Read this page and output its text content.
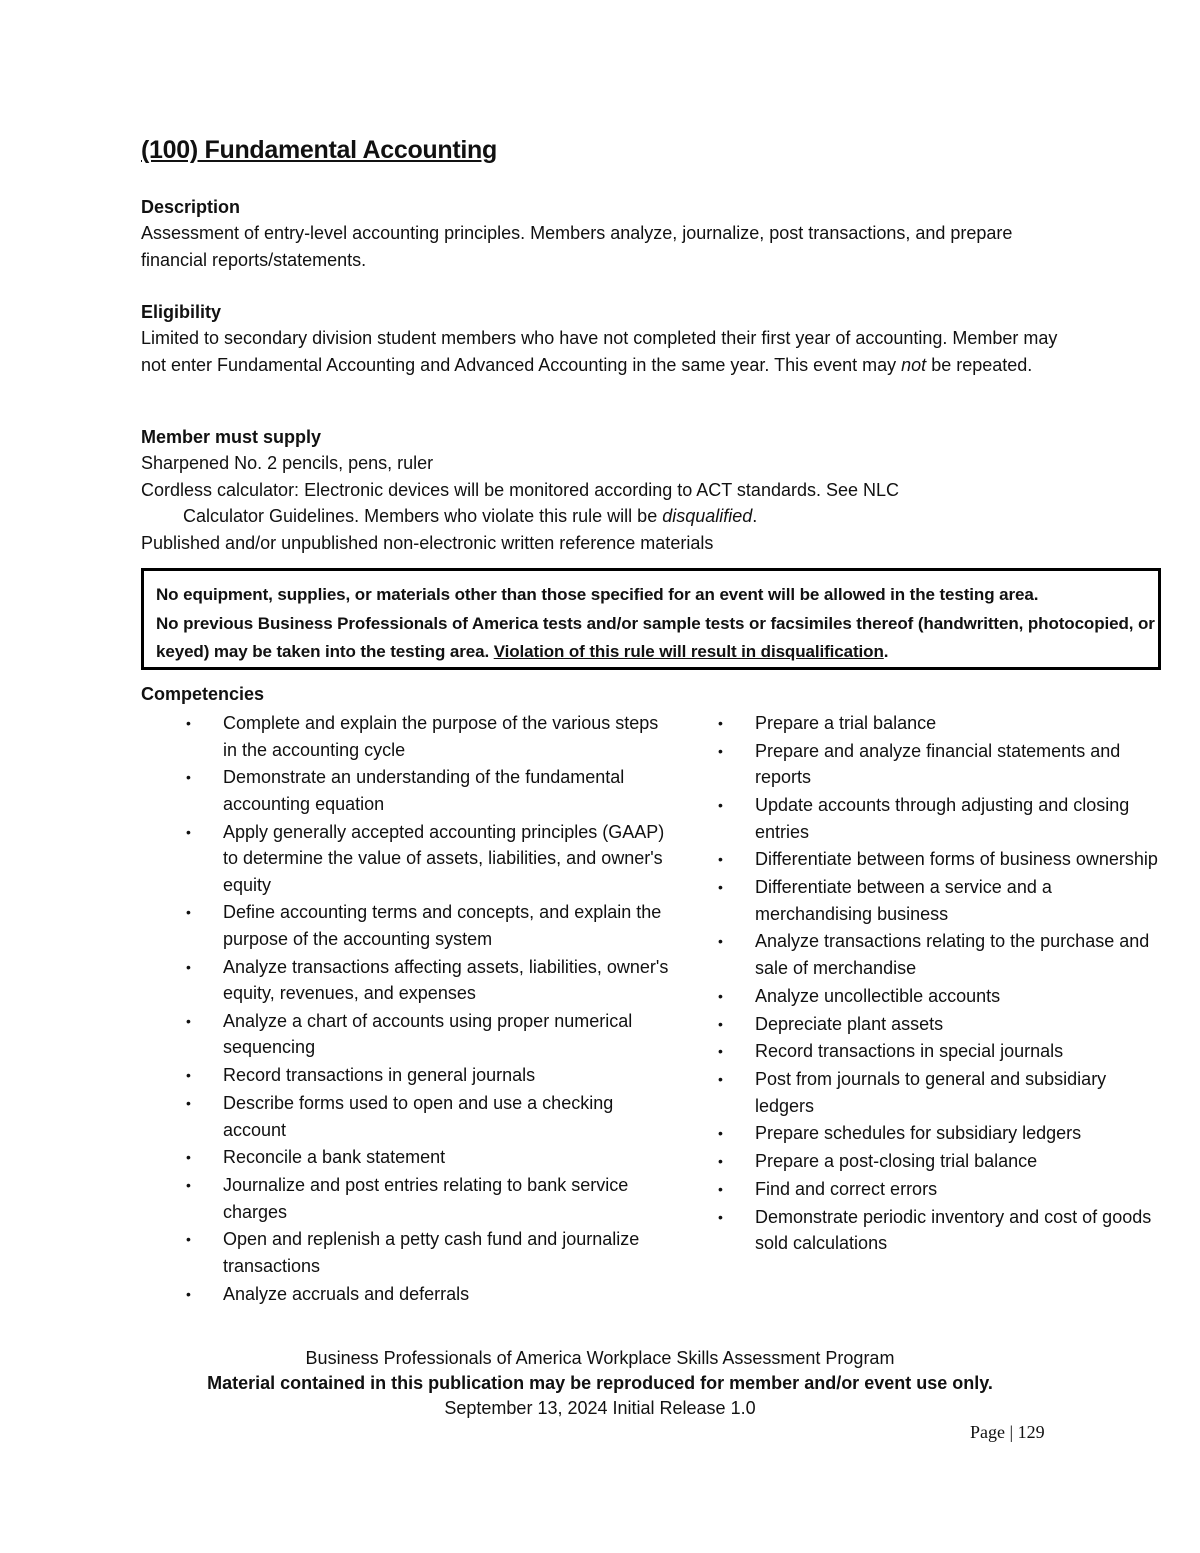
(100) Fundamental Accounting

Description

Assessment of entry-level accounting principles. Members analyze, journalize, post transactions, and prepare financial reports/statements.

Eligibility

Limited to secondary division student members who have not completed their first year of accounting. Member may not enter Fundamental Accounting and Advanced Accounting in the same year. This event may not be repeated.

Member must supply

Sharpened No. 2 pencils, pens, ruler

Cordless calculator: Electronic devices will be monitored according to ACT standards. See NLC

Calculator Guidelines. Members who violate this rule will be disqualified.

Published and/or unpublished non-electronic written reference materials

No equipment, supplies, or materials other than those specified for an event will be allowed in the testing area.

No previous Business Professionals of America tests and/or sample tests or facsimiles thereof (handwritten, photocopied, or keyed) may be taken into the testing area. Violation of this rule will result in disqualification.

Competencies

• Complete and explain the purpose of the various steps in the accounting cycle
• Demonstrate an understanding of the fundamental accounting equation
• Apply generally accepted accounting principles (GAAP) to determine the value of assets, liabilities, and owner's equity
• Define accounting terms and concepts, and explain the purpose of the accounting system
• Analyze transactions affecting assets, liabilities, owner's equity, revenues, and expenses
• Analyze a chart of accounts using proper numerical sequencing
• Record transactions in general journals
• Describe forms used to open and use a checking account
• Reconcile a bank statement
• Journalize and post entries relating to bank service charges
• Open and replenish a petty cash fund and journalize transactions
• Analyze accruals and deferrals
• Prepare a trial balance
• Prepare and analyze financial statements and reports
• Update accounts through adjusting and closing entries
• Differentiate between forms of business ownership
• Differentiate between a service and a merchandising business
• Analyze transactions relating to the purchase and sale of merchandise
• Analyze uncollectible accounts
• Depreciate plant assets
• Record transactions in special journals
• Post from journals to general and subsidiary ledgers
• Prepare schedules for subsidiary ledgers
• Prepare a post-closing trial balance
• Find and correct errors
• Demonstrate periodic inventory and cost of goods sold calculations
Business Professionals of America Workplace Skills Assessment Program
Material contained in this publication may be reproduced for member and/or event use only.
September 13, 2024 Initial Release 1.0
Page | 129
